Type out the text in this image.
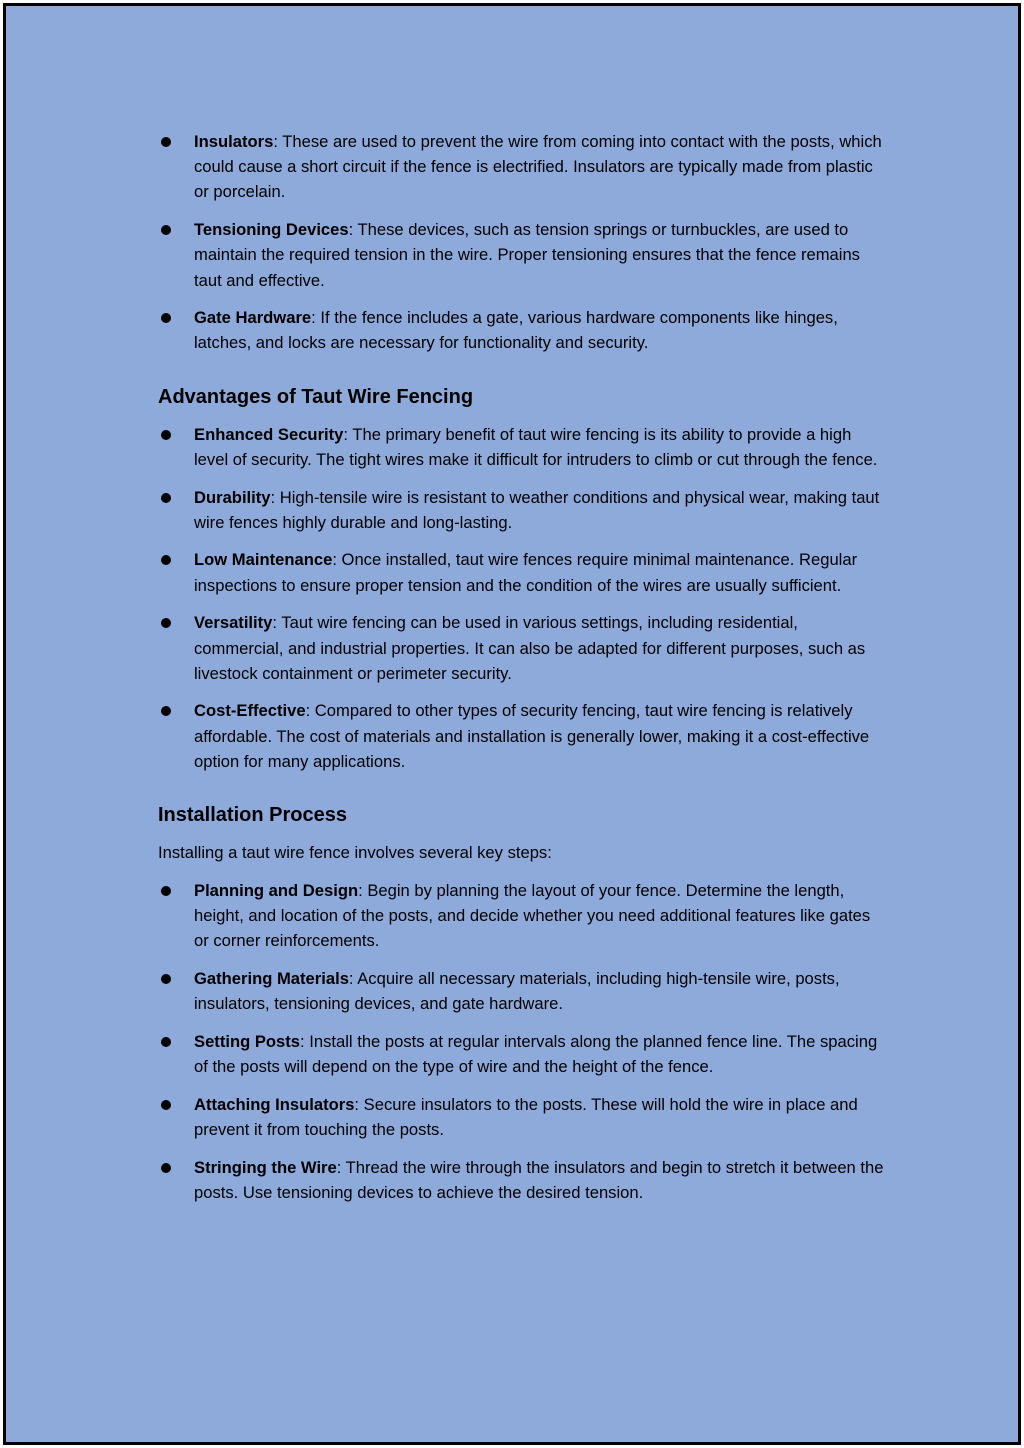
Insulators: These are used to prevent the wire from coming into contact with the posts, which could cause a short circuit if the fence is electrified. Insulators are typically made from plastic or porcelain.
Tensioning Devices: These devices, such as tension springs or turnbuckles, are used to maintain the required tension in the wire. Proper tensioning ensures that the fence remains taut and effective.
Gate Hardware: If the fence includes a gate, various hardware components like hinges, latches, and locks are necessary for functionality and security.
Advantages of Taut Wire Fencing
Enhanced Security: The primary benefit of taut wire fencing is its ability to provide a high level of security. The tight wires make it difficult for intruders to climb or cut through the fence.
Durability: High-tensile wire is resistant to weather conditions and physical wear, making taut wire fences highly durable and long-lasting.
Low Maintenance: Once installed, taut wire fences require minimal maintenance. Regular inspections to ensure proper tension and the condition of the wires are usually sufficient.
Versatility: Taut wire fencing can be used in various settings, including residential, commercial, and industrial properties. It can also be adapted for different purposes, such as livestock containment or perimeter security.
Cost-Effective: Compared to other types of security fencing, taut wire fencing is relatively affordable. The cost of materials and installation is generally lower, making it a cost-effective option for many applications.
Installation Process

Installing a taut wire fence involves several key steps:

Planning and Design: Begin by planning the layout of your fence. Determine the length, height, and location of the posts, and decide whether you need additional features like gates or corner reinforcements.
Gathering Materials: Acquire all necessary materials, including high-tensile wire, posts, insulators, tensioning devices, and gate hardware.
Setting Posts: Install the posts at regular intervals along the planned fence line. The spacing of the posts will depend on the type of wire and the height of the fence.
Attaching Insulators: Secure insulators to the posts. These will hold the wire in place and prevent it from touching the posts.
Stringing the Wire: Thread the wire through the insulators and begin to stretch it between the posts. Use tensioning devices to achieve the desired tension.
